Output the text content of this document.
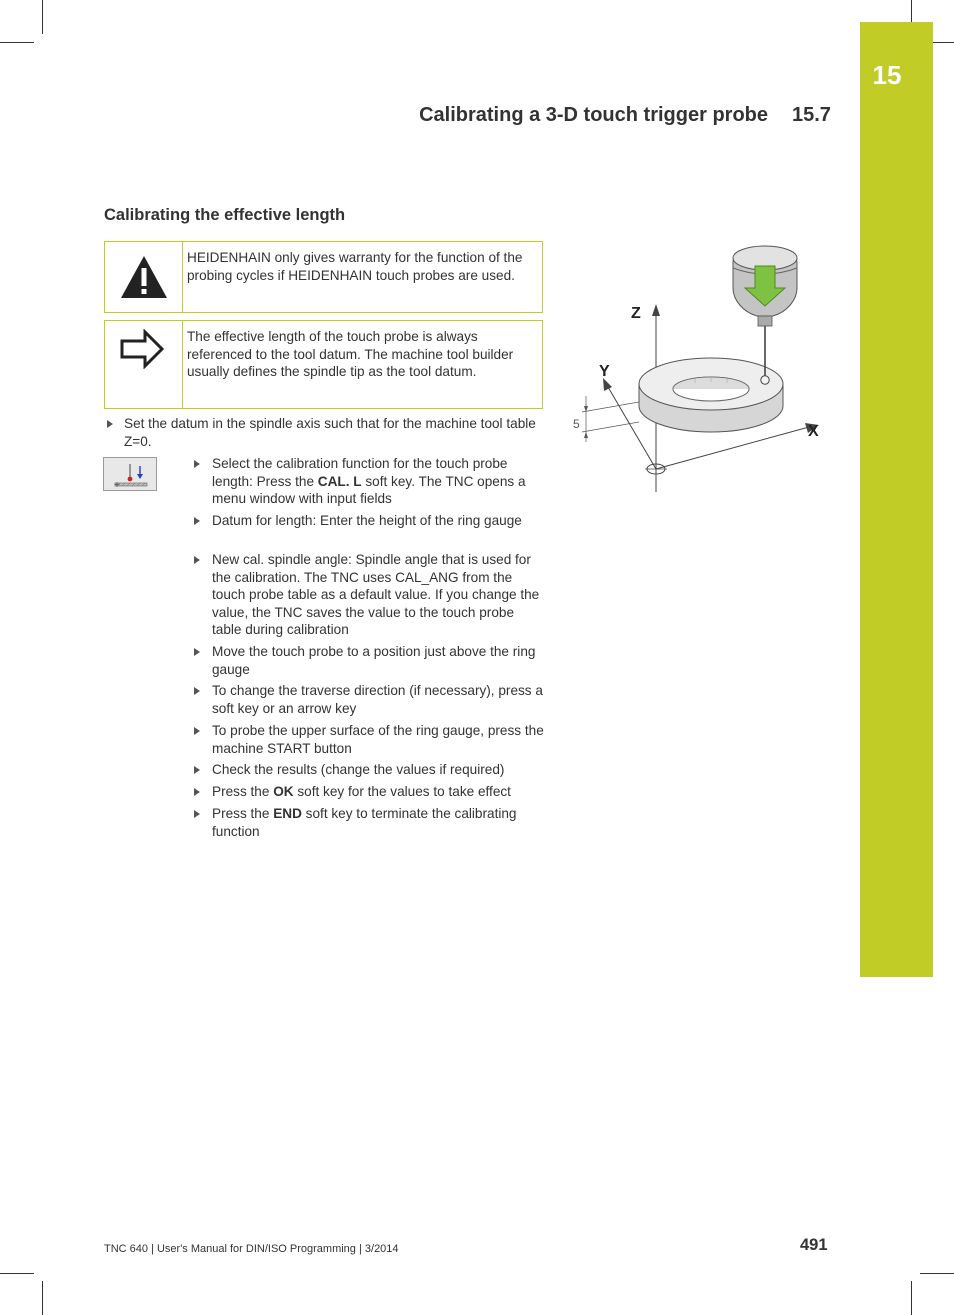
15
Calibrating a 3-D touch trigger probe 15.7
Calibrating the effective length
HEIDENHAIN only gives warranty for the function of the probing cycles if HEIDENHAIN touch probes are used.
The effective length of the touch probe is always referenced to the tool datum. The machine tool builder usually defines the spindle tip as the tool datum.
Set the datum in the spindle axis such that for the machine tool table Z=0.
Select the calibration function for the touch probe length: Press the CAL. L soft key. The TNC opens a menu window with input fields
Datum for length: Enter the height of the ring gauge
New cal. spindle angle: Spindle angle that is used for the calibration. The TNC uses CAL_ANG from the touch probe table as a default value. If you change the value, the TNC saves the value to the touch probe table during calibration
Move the touch probe to a position just above the ring gauge
To change the traverse direction (if necessary), press a soft key or an arrow key
To probe the upper surface of the ring gauge, press the machine START button
Check the results (change the values if required)
Press the OK soft key for the values to take effect
Press the END soft key to terminate the calibrating function
5
Z
Y
X
TNC 640 | User's Manual for DIN/ISO Programming | 3/2014	491
